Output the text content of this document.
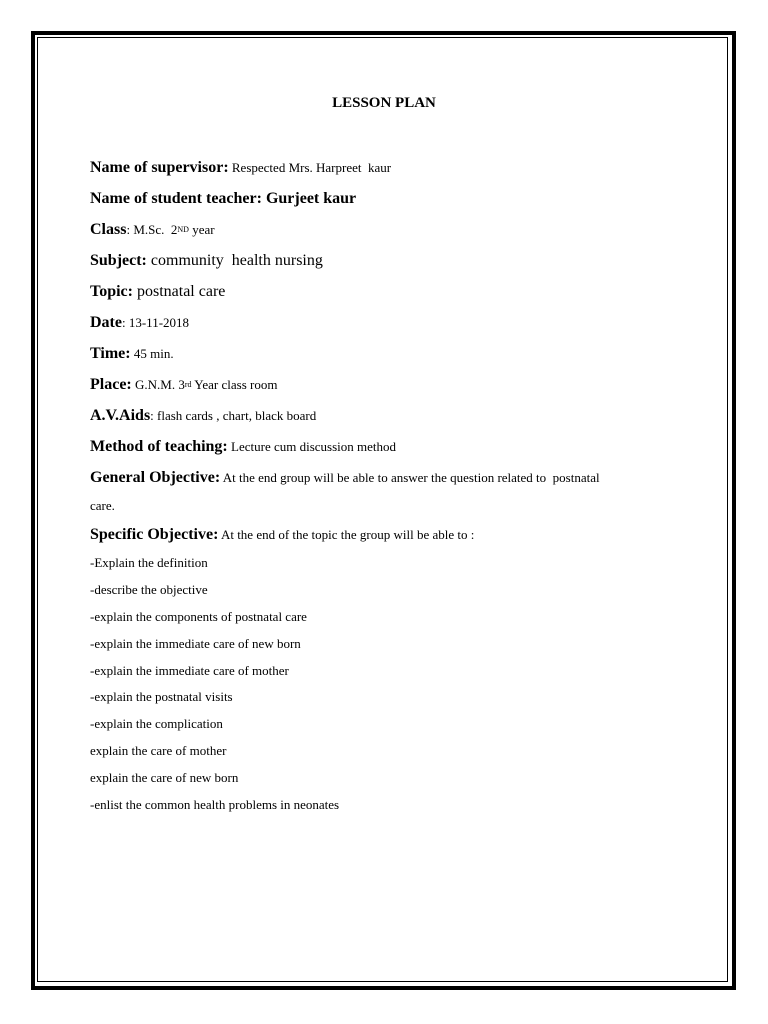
LESSON PLAN
Name of supervisor : Respected Mrs. Harpreet  kaur
Name of student teacher: Gurjeet kaur
Class : M.Sc.  2 ND year
Subject: community  health nursing
Topic: postnatal care
Date : 13-11-2018
Time: 45 min.
Place: G.N.M. 3 rd Year class room
A.V.Aids : flash cards , chart, black board
Method of teaching: Lecture cum discussion method
General Objective: At the end group will be able to answer the question related to  postnatal
care.
Specific Objective: At the end of the topic the group will be able to :
-Explain the definition
-describe the objective
-explain the components of postnatal care
-explain the immediate care of new born
-explain the immediate care of mother
-explain the postnatal visits
-explain the complication
explain the care of mother
explain the care of new born
-enlist the common health problems in neonates
